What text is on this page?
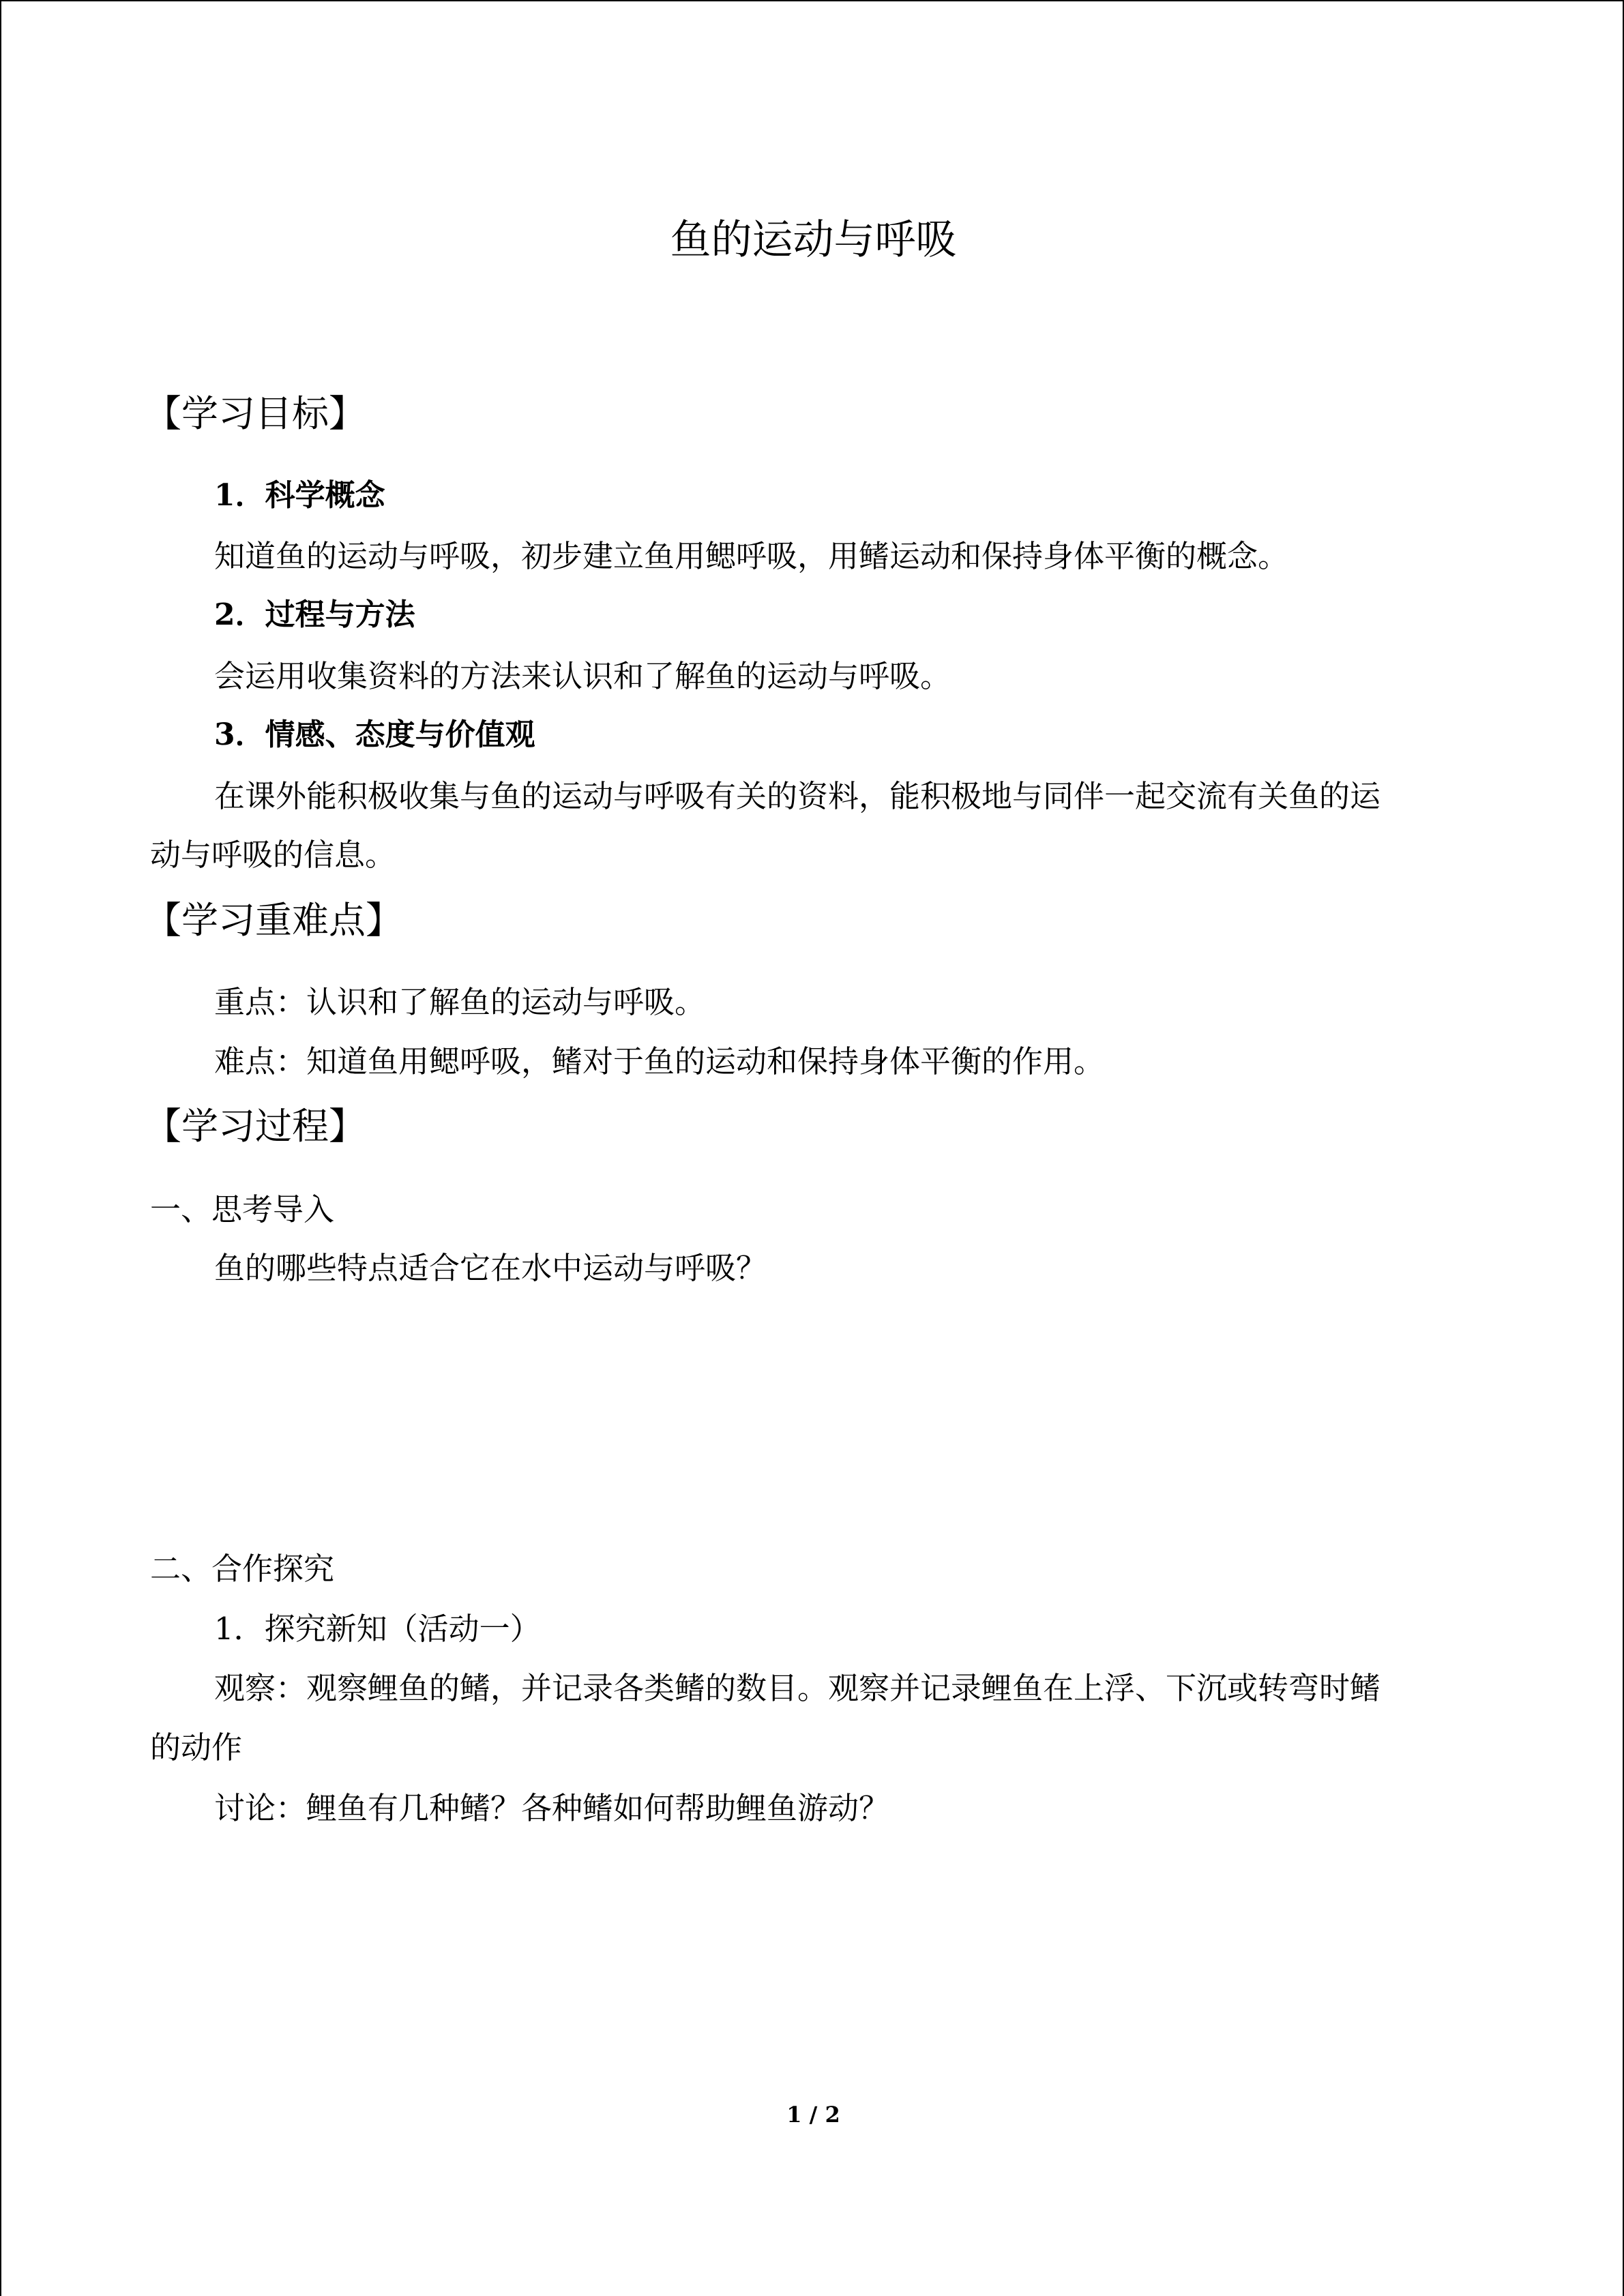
鱼的运动与呼吸
【学习目标】
1．科学概念
知道鱼的运动与呼吸，初步建立鱼用鳃呼吸，用鳍运动和保持身体平衡的概念。
2．过程与方法
会运用收集资料的方法来认识和了解鱼的运动与呼吸。
3．情感、态度与价值观
在课外能积极收集与鱼的运动与呼吸有关的资料，能积极地与同伴一起交流有关鱼的运
动与呼吸的信息。
【学习重难点】
重点：认识和了解鱼的运动与呼吸。
难点：知道鱼用鳃呼吸，鳍对于鱼的运动和保持身体平衡的作用。
【学习过程】
一、思考导入
鱼的哪些特点适合它在水中运动与呼吸？
二、合作探究
1．探究新知（活动一）
观察：观察鲤鱼的鳍，并记录各类鳍的数目。观察并记录鲤鱼在上浮、下沉或转弯时鳍
的动作
讨论：鲤鱼有几种鳍？各种鳍如何帮助鲤鱼游动？
1 / 2
